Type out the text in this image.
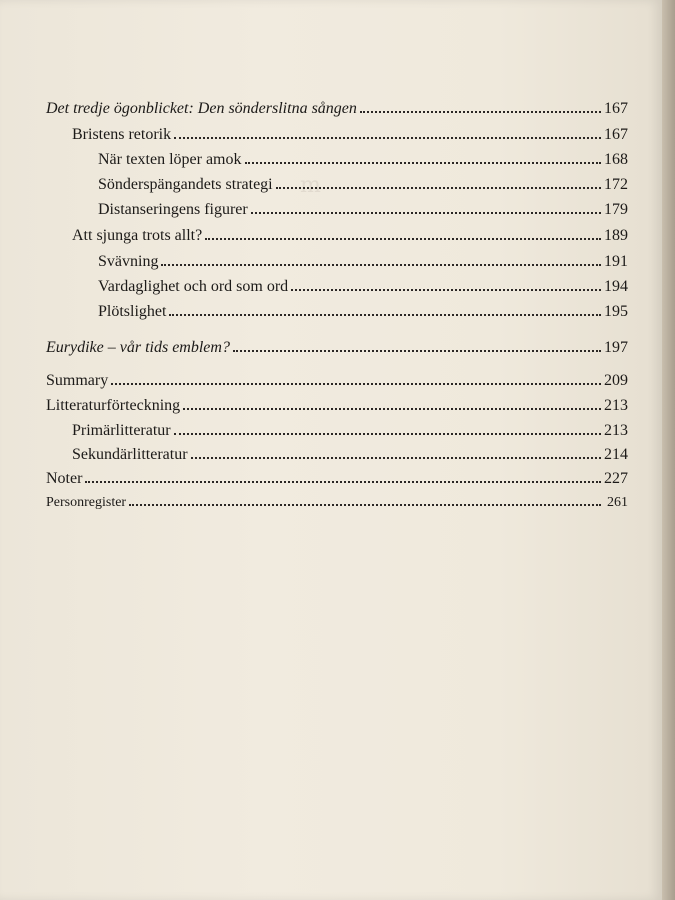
ⅿ
Det tredje ögonblicket: Den sönderslitna sången	167
Bristens retorik	167
När texten löper amok	168
Sönderspängandets strategi	172
Distanseringens figurer	179
Att sjunga trots allt?	189
Svävning	191
Vardaglighet och ord som ord	194
Plötslighet	195
Eurydike – vår tids emblem?	197
Summary	209
Litteraturförteckning	213
Primärlitteratur	213
Sekundärlitteratur	214
Noter	227
Personregister	261
